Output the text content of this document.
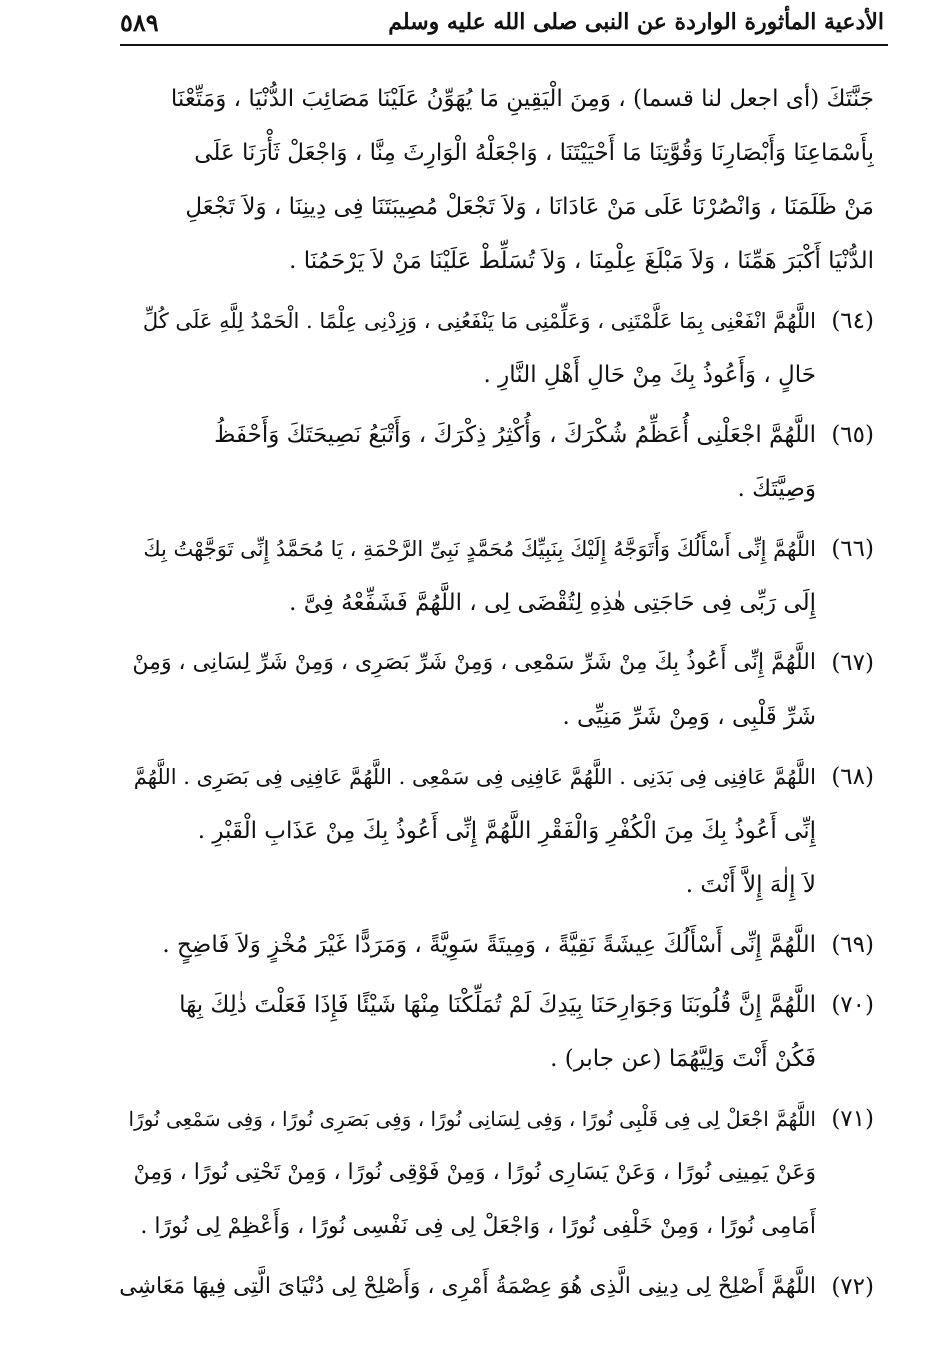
الأدعية المأثورة الواردة عن النبى صلى الله عليه وسلم
٥٨٩
جَنَّتَكَ (أى اجعل لنا قسما) ، وَمِنَ الْيَقِينِ مَا يُهَوِّنُ عَلَيْنَا مَصَائِبَ الدُّنْيَا ، وَمَتِّعْنَا
بِأَسْمَاعِنَا وَأَبْصَارِنَا وَقُوَّتِنَا مَا أَحْيَيْتَنَا ، وَاجْعَلْهُ الْوَارِثَ مِنَّا ، وَاجْعَلْ ثَأْرَنَا عَلَى
مَنْ ظَلَمَنَا ، وَانْصُرْنَا عَلَى مَنْ عَادَانَا ، وَلاَ تَجْعَلْ مُصِيبَتَنَا فِى دِينِنَا ، وَلاَ تَجْعَلِ
الدُّنْيَا أَكْبَرَ هَمِّنَا ، وَلاَ مَبْلَغَ عِلْمِنَا ، وَلاَ تُسَلِّطْ عَلَيْنَا مَنْ لاَ يَرْحَمُنَا .
(٦٤)
اللَّهُمَّ انْفَعْنِى بِمَا عَلَّمْتَنِى ، وَعَلِّمْنِى مَا يَنْفَعُنِى ، وَزِدْنِى عِلْمًا . الْحَمْدُ لِلَّهِ عَلَى كُلِّ
حَالٍ ، وَأَعُوذُ بِكَ مِنْ حَالِ أَهْلِ النَّارِ .
(٦٥)
اللَّهُمَّ اجْعَلْنِى أُعَظِّمُ شُكْرَكَ ، وَأُكْثِرُ ذِكْرَكَ ، وَأَتْبَعُ نَصِيحَتَكَ وَأَحْفَظُ
وَصِيَّتَكَ .
(٦٦)
اللَّهُمَّ إِنِّى أَسْأَلُكَ وَأَتَوَجَّهُ إِلَيْكَ بِنَبِيِّكَ مُحَمَّدٍ نَبِىِّ الرَّحْمَةِ ، يَا مُحَمَّدُ إِنِّى تَوَجَّهْتُ بِكَ
إِلَى رَبِّى فِى حَاجَتِى هٰذِهِ لِتُقْضَى لِى ، اللَّهُمَّ فَشَفِّعْهُ فِىَّ .
(٦٧)
اللَّهُمَّ إِنِّى أَعُوذُ بِكَ مِنْ شَرِّ سَمْعِى ، وَمِنْ شَرِّ بَصَرِى ، وَمِنْ شَرِّ لِسَانِى ، وَمِنْ
شَرِّ قَلْبِى ، وَمِنْ شَرِّ مَنِيِّى .
(٦٨)
اللَّهُمَّ عَافِنِى فِى بَدَنِى . اللَّهُمَّ عَافِنِى فِى سَمْعِى . اللَّهُمَّ عَافِنِى فِى بَصَرِى . اللَّهُمَّ
إِنِّى أَعُوذُ بِكَ مِنَ الْكُفْرِ وَالْفَقْرِ اللَّهُمَّ إِنِّى أَعُوذُ بِكَ مِنْ عَذَابِ الْقَبْرِ .
لاَ إِلٰهَ إِلاَّ أَنْتَ .
(٦٩)
اللَّهُمَّ إِنِّى أَسْأَلُكَ عِيشَةً نَقِيَّةً ، وَمِيتَةً سَوِيَّةً ، وَمَرَدًّا غَيْرَ مُخْزٍ وَلاَ فَاضِحٍ .
(٧٠)
اللَّهُمَّ إِنَّ قُلُوبَنَا وَجَوَارِحَنَا بِيَدِكَ لَمْ تُمَلِّكْنَا مِنْهَا شَيْئًا فَإِذَا فَعَلْتَ ذٰلِكَ بِهَا
فَكُنْ أَنْتَ وَلِيَّهُمَا (عن جابر) .
(٧١)
اللَّهُمَّ اجْعَلْ لِى فِى قَلْبِى نُورًا ، وَفِى لِسَانِى نُورًا ، وَفِى بَصَرِى نُورًا ، وَفِى سَمْعِى نُورًا
وَعَنْ يَمِينِى نُورًا ، وَعَنْ يَسَارِى نُورًا ، وَمِنْ فَوْقِى نُورًا ، وَمِنْ تَحْتِى نُورًا ، وَمِنْ
أَمَامِى نُورًا ، وَمِنْ خَلْفِى نُورًا ، وَاجْعَلْ لِى فِى نَفْسِى نُورًا ، وَأَعْظِمْ لِى نُورًا .
(٧٢)
اللَّهُمَّ أَصْلِحْ لِى دِينِى الَّذِى هُوَ عِصْمَةُ أَمْرِى ، وَأَصْلِحْ لِى دُنْيَاىَ الَّتِى فِيهَا مَعَاشِى
